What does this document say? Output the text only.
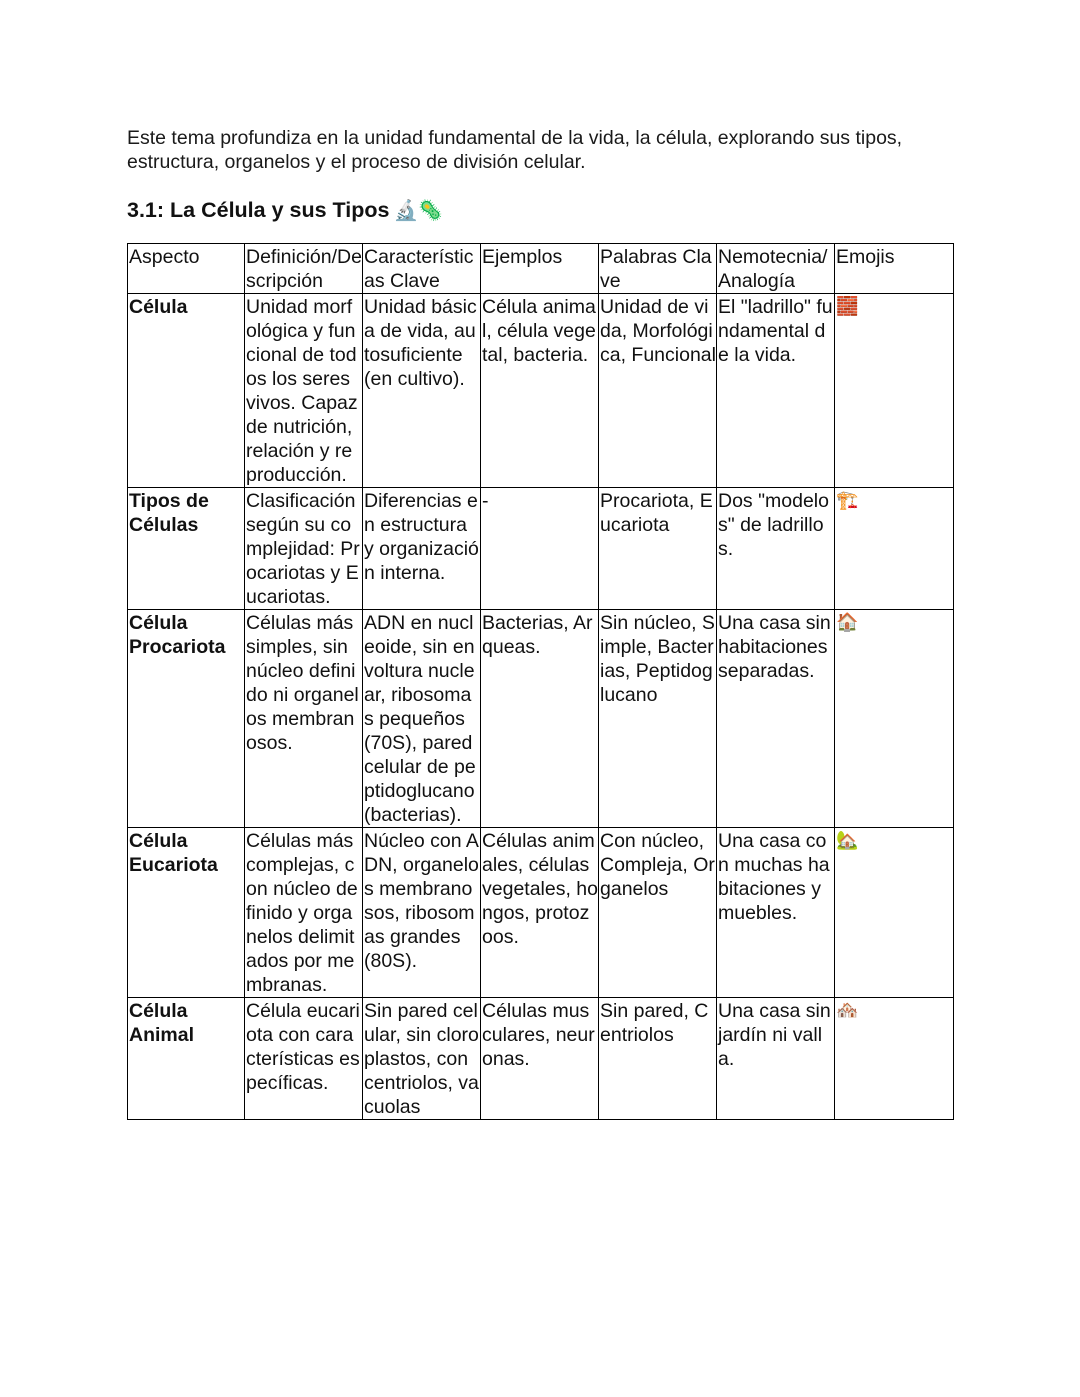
Este tema profundiza en la unidad fundamental de la vida, la célula, explorando sus tipos, estructura, organelos y el proceso de división celular.

3.1: La Célula y sus Tipos 🔬🦠
Aspecto	Definición/Descripción	Características Clave	Ejemplos	Palabras Clave	Nemotecnia/ Analogía	Emojis
Célula	Unidad morfológica y funcional de todos los seres vivos. Capaz de nutrición, relación y reproducción.	Unidad básica de vida, autosuficiente (en cultivo).	Célula animal, célula vegetal, bacteria.	Unidad de vida, Morfológica, Funcional	El "ladrillo" fundamental de la vida.	🧱
Tipos de Células	Clasificación según su complejidad: Procariotas y Eucariotas.	Diferencias en estructura y organización interna.	-	Procariota, Eucariota	Dos "modelos" de ladrillos.	🏗️
Célula Procariota	Células más simples, sin núcleo definido ni organelos membranosos.	ADN en nucleoide, sin envoltura nuclear, ribosomas pequeños (70S), pared celular de peptidoglucano (bacterias).	Bacterias, Arqueas.	Sin núcleo, Simple, Bacterias, Peptidoglucano	Una casa sin habitaciones separadas.	🏠
Célula Eucariota	Células más complejas, con núcleo definido y organelos delimitados por membranas.	Núcleo con ADN, organelos membranosos, ribosomas grandes (80S).	Células animales, células vegetales, hongos, protozoos.	Con núcleo, Compleja, Organelos	Una casa con muchas habitaciones y muebles.	🏡
Célula Animal	Célula eucariota con características específicas.	Sin pared celular, sin cloroplastos, con centriolos, vacuolas	Células musculares, neuronas.	Sin pared, Centriolos	Una casa sin jardín ni valla.	🏘️
